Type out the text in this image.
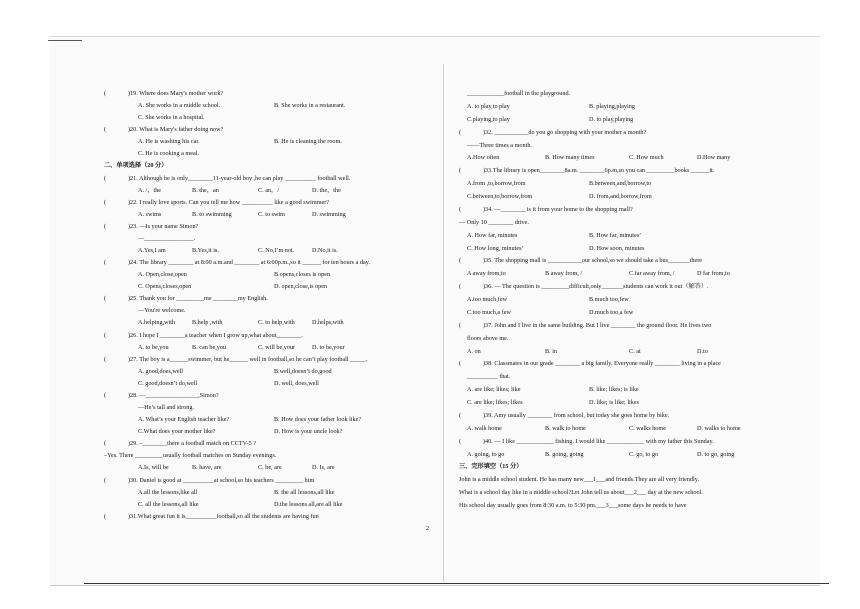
(	)19. Where does Mary's mother work?
A. She works in a middle school.	B. She works in a restaurant.
C. She works in a hospital.
(	)20. What is Mary's father doing now?
A. He is washing his car.	B. He is cleaning the room.
C. He is cooking a meal.
二、单项选择（20 分）
(	)21. Although he is only________11-year-old boy ,he can play __________ football well.
A. /，the	B. the，an	C. an，/	D. the，the
(	)22. I really love sports. Can you tell me how __________ like a good swimmer?
A. swims	B. to swimming	C. to swim	D. swimming
(	)23. —Is your name Simon?
—________________.
A.Yes,I am	B.Yes,it is.	C. No,I’m not.	D.No,it is.
(	)24. The library ________ at 8:00 a.m.and ________ at 6:00p.m.,so it ______ for ten hours a day.
A. Open,close,open	B.opens,closes is open
C. Opens,closes,open	D. open,close,is open
(	)25. Thank you for _________me ________my English.
—You're welcome.
A.helping,with	B.help ,with	C. to help,with	D.helps,with
(	)26. I hope I ________a teacher when I grow up,what about________.
A. to be,you	B. can be,you	C. will be,your	D. to be,your
(	)27. The boy is a______swimmer, but he______ well in football,so he can’t play football _____.
A. good,does,well	B.well,doesn’t do,good
C. good,doesn’t do,well	D. well, does,well
(	)28. —_________________,Simon?
—He’s tall and strong.
A. What’s your English teacher like?	B. How does your father look like?
C.What does your mother like?	D. How is your uncle look?
(	)29. –________there a football match on CCTV-5 ?
–Yes. There _________usually football matches on Sunday evenings.
A.Is, will be	B. have, are	C. be, are	D. Is, are
(	)30. Daniel is good at __________at school,so his teachers _________ him
A.all the lessons,like all	B. the all lessons,all like
C. all the lessons,all like	D.the lessons all,are all like
(	)31.What great fun it is__________football,so all the students are having fun
____________football in the playground.
A. to play,to play	B. playing,playing
C.playing,to play	D. to play,playing
(	)32. ___________do you go shopping with your mother a month?
——Three times a month.
A.How often	B. How many times	C. How much	D.How many
(	)33.The library is open________8a.m. ________6p.m,so you can _________books ______it.
A.from ,to,borrow,from	B.between,and,borrow,to
C.between,to,borrow,from	D. from,and,borrow,from
(	)34. —________ is it from your home to the shopping mall?
— Only 10 ________ drive.
A. How far, minutes	B. How far, minutes’
C. How long, minutes’	D. How soon, minutes
(	)35. The shopping mall is ___________our school,so we should take a bus_______there
A away from,to	B away from, /	C.far away from, /	D far from,to
(	)36. — The question is _________difficult,only_______students can work it out（解答）.
A.too much,few	B.much too,few
C.too much,a few	D.much too,a few
(	)37. John and I live in the same building. But I live ________ the ground floor. He lives two
floors above me.
A. on	B. in	C. at	D.to
(	)38. Classmates in our grade ________ a big family. Everyone really ________ living in a place
__________ that.
A. are like; likes; like	B. like; likes; is like
C. are like; likes; likes	D. like; is like; likes
(	)39. Amy usually ________ from school, but today she goes home by bike.
A. walk home	B. walk to home	C. walks home	D. walks to home
(	)40. — I like ____________ fishing. I would like ____________ with my father this Sunday.
A. going, to go	B. going, going	C. go, to go	D. to go, going
三、完形填空（15 分）
John is a middle school student. He has many new___1___and friends.They are all very friendly.
What is a school day like in a middle school?Let John tell us about___2___ day at the new school.
His school day usually goes from 8:30 a.m. to 5:30 pm.___3___some days he needs to have
2
